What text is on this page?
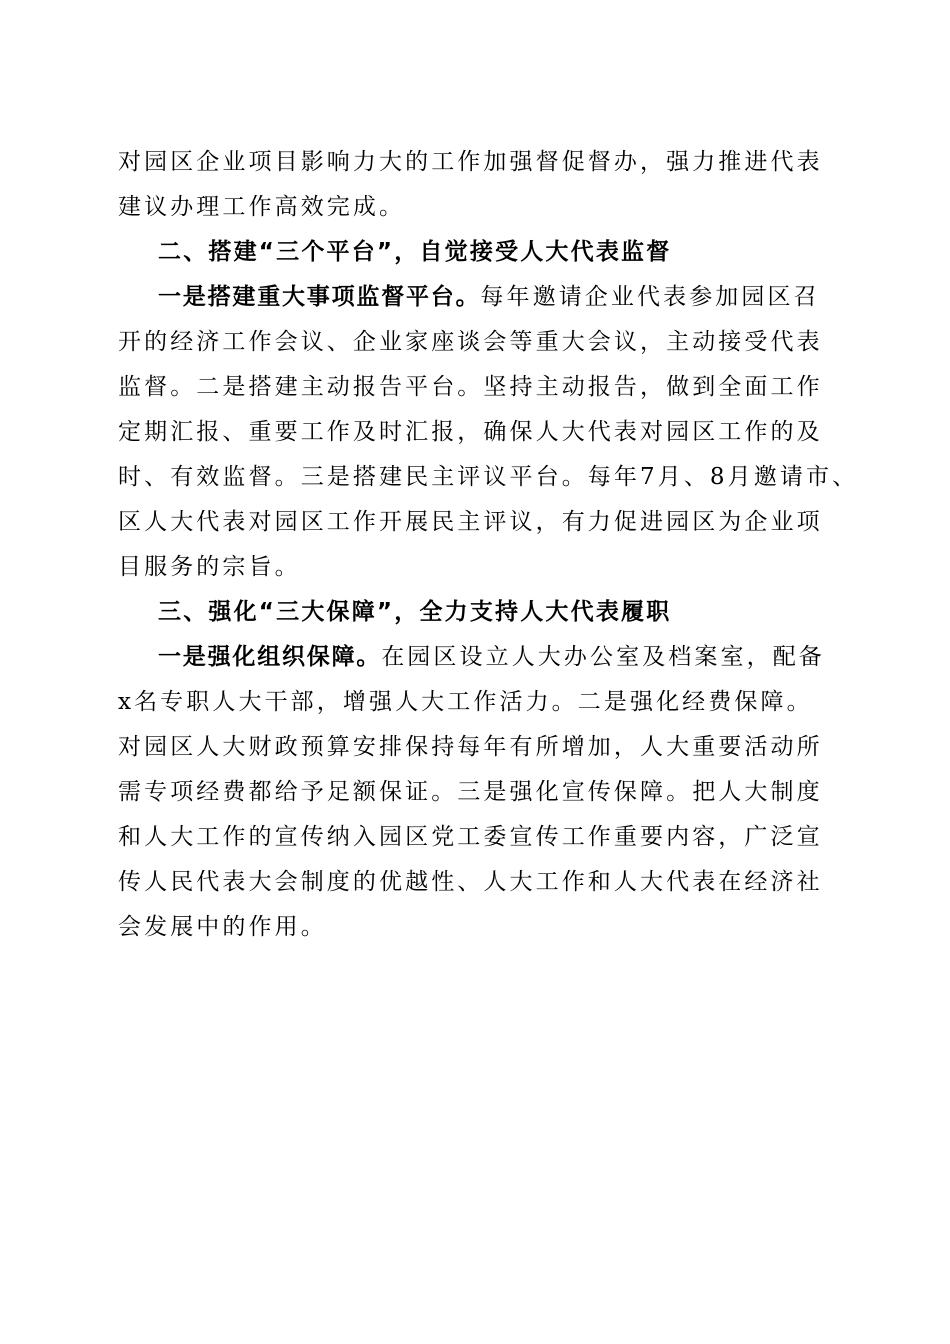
对园区企业项目影响力大的工作加强督促督办，强力推进代表
建议办理工作高效完成。
二、搭建“三个平台”，自觉接受人大代表监督
一是搭建重大事项监督平台。每年邀请企业代表参加园区召
开的经济工作会议、企业家座谈会等重大会议，主动接受代表
监督。二是搭建主动报告平台。坚持主动报告，做到全面工作
定期汇报、重要工作及时汇报，确保人大代表对园区工作的及
时、有效监督。三是搭建民主评议平台。每年7月、8月邀请市、
区人大代表对园区工作开展民主评议，有力促进园区为企业项
目服务的宗旨。
三、强化“三大保障”，全力支持人大代表履职
一是强化组织保障。在园区设立人大办公室及档案室，配备
x名专职人大干部，增强人大工作活力。二是强化经费保障。
对园区人大财政预算安排保持每年有所增加，人大重要活动所
需专项经费都给予足额保证。三是强化宣传保障。把人大制度
和人大工作的宣传纳入园区党工委宣传工作重要内容，广泛宣
传人民代表大会制度的优越性、人大工作和人大代表在经济社
会发展中的作用。
